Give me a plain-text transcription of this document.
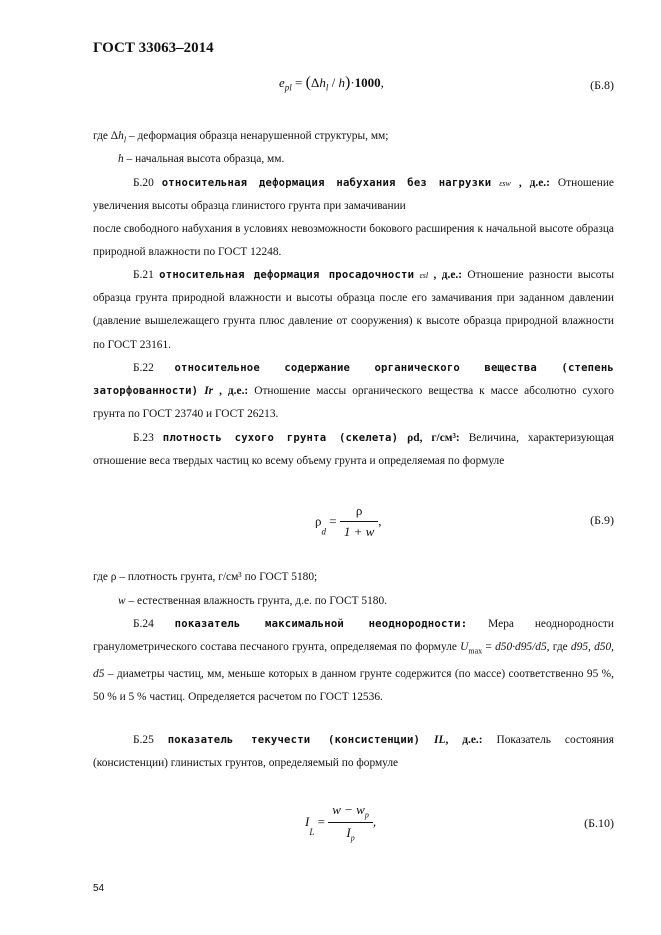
ГОСТ 33063–2014
$e_{pl} = (\Delta h_l / h)\cdot 1000$,	(Б.8)

где $\Delta h_l$ – деформация образца ненарушенной структуры, мм;

h – начальная высота образца, мм.

Б.20 относительная деформация набухания без нагрузки εsw , д.е.: Отношение увеличения высоты образца глинистого грунта при замачивании

после свободного набухания в условиях невозможности бокового расширения к начальной высоте образца природной влажности по ГОСТ 12248.

Б.21 относительная деформация просадочности εsl , д.е.: Отношение разности высоты образца грунта природной влажности и высоты образца после его замачивания при заданном давлении (давление вышележащего грунта плюс давление от сооружения) к высоте образца природной влажности по ГОСТ 23161.

Б.22 относительное содержание органического вещества (степень заторфованности) Ir , д.е.: Отношение массы органического вещества к массе абсолютно сухого грунта по ГОСТ 23740 и ГОСТ 26213.

Б.23 плотность сухого грунта (скелета) ρd, г/см³: Величина, характеризующая отношение веса твердых частиц ко всему объему грунта и определяемая по формуле

$\rho_d = \frac{\rho}{1 + w}$ ,	(Б.9)

где ρ – плотность грунта, г/см³ по ГОСТ 5180;

w – естественная влажность грунта, д.е. по ГОСТ 5180.

Б.24 показатель максимальной неоднородности: Мера неоднородности гранулометрического состава песчаного грунта, определяемая по формуле $U_{max} = d50\cdot d95/d5$, где d95, d50, d5 – диаметры частиц, мм, меньше которых в данном грунте содержится (по массе) соответственно 95 %, 50 % и 5 % частиц. Определяется расчетом по ГОСТ 12536.

Б.25 показатель текучести (консистенции) IL, д.е.: Показатель состояния (консистенции) глинистых грунтов, определяемый по формуле

$I_L = \frac{w - w_p}{I_p}$ ,	(Б.10)
54
